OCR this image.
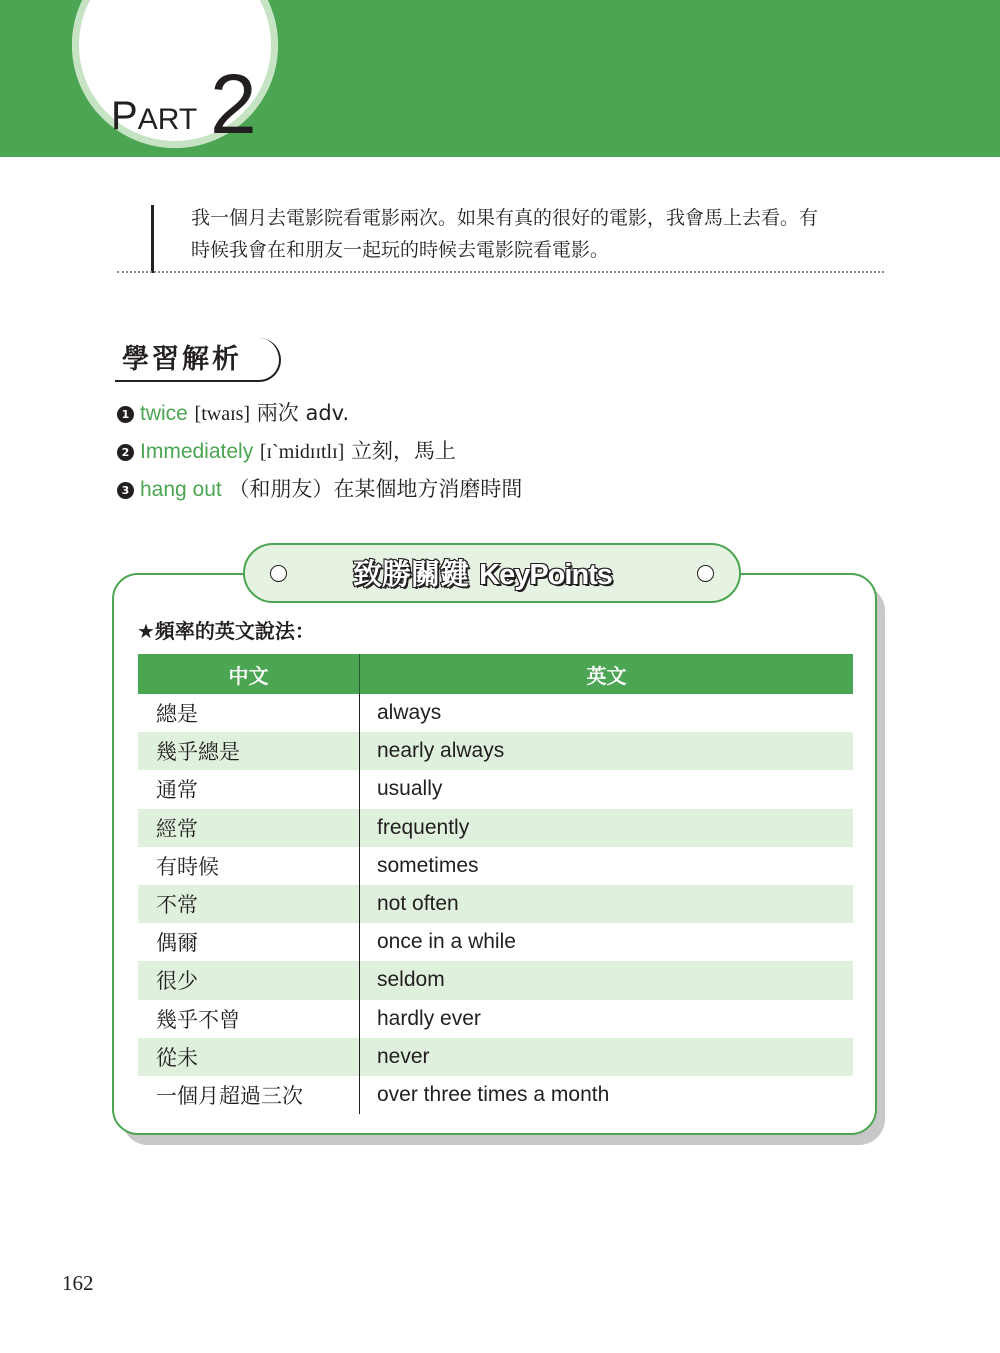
PART 2
我一個月去電影院看電影兩次。如果有真的很好的電影，我會馬上去看。有
時候我會在和朋友一起玩的時候去電影院看電影。
學習解析
1 twice [twaɪs] 兩次 adv.
2 Immediately [ɪ`midɪɪtlɪ] 立刻，馬上
3 hang out （和朋友）在某個地方消磨時間
致勝關鍵 KeyPoints
★頻率的英文說法：
中文	英文
總是	always
幾乎總是	nearly always
通常	usually
經常	frequently
有時候	sometimes
不常	not often
偶爾	once in a while
很少	seldom
幾乎不曾	hardly ever
從未	never
一個月超過三次	over three times a month
162
